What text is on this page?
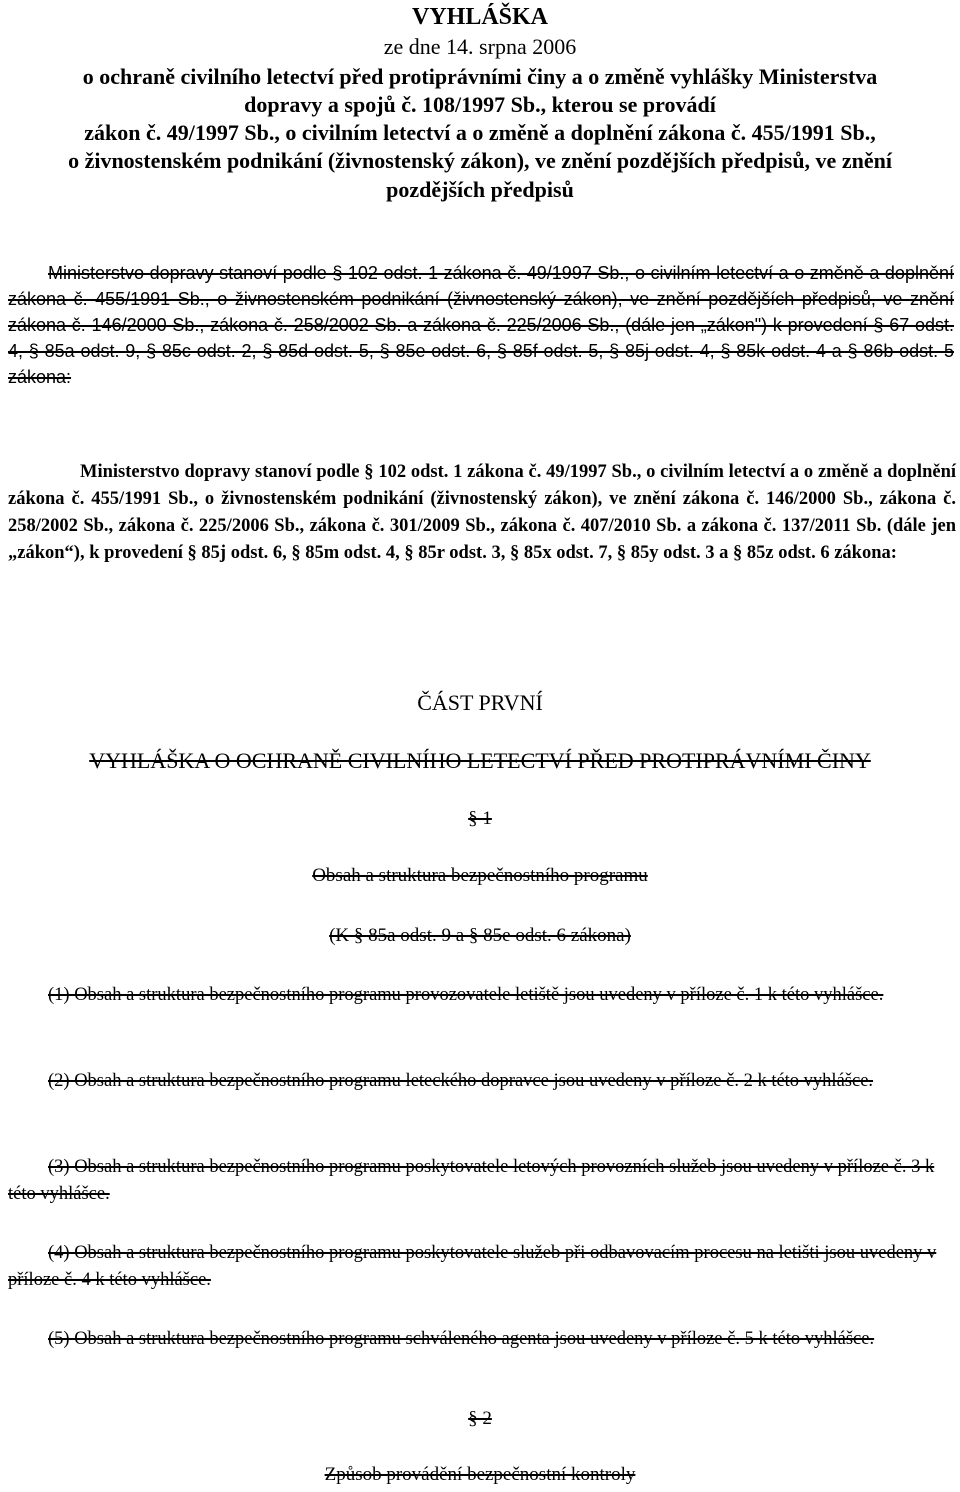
VYHLÁŠKA
ze dne 14. srpna 2006
o ochraně civilního letectví před protiprávními činy a o změně vyhlášky Ministerstva
dopravy a spojů č. 108/1997 Sb., kterou se provádí
zákon č. 49/1997 Sb., o civilním letectví a o změně a doplnění zákona č. 455/1991 Sb.,
o živnostenském podnikání (živnostenský zákon), ve znění pozdějších předpisů, ve znění
pozdějších předpisů
Ministerstvo dopravy stanoví podle § 102 odst. 1 zákona č. 49/1997 Sb., o civilním letectví a o změně a doplnění zákona č. 455/1991 Sb., o živnostenském podnikání (živnostenský zákon), ve znění pozdějších předpisů, ve znění zákona č. 146/2000 Sb., zákona č. 258/2002 Sb. a zákona č. 225/2006 Sb., (dále jen „zákon") k provedení § 67 odst. 4, § 85a odst. 9, § 85c odst. 2, § 85d odst. 5, § 85e odst. 6, § 85f odst. 5, § 85j odst. 4, § 85k odst. 4 a § 86b odst. 5 zákona:
Ministerstvo dopravy stanoví podle § 102 odst. 1 zákona č. 49/1997 Sb., o civilním letectví a o změně a doplnění zákona č. 455/1991 Sb., o živnostenském podnikání (živnostenský zákon), ve znění zákona č. 146/2000 Sb., zákona č. 258/2002 Sb., zákona č. 225/2006 Sb., zákona č. 301/2009 Sb., zákona č. 407/2010 Sb. a zákona č. 137/2011 Sb. (dále jen „zákon“), k provedení § 85j odst. 6, § 85m odst. 4, § 85r odst. 3, § 85x odst. 7, § 85y odst. 3 a § 85z odst. 6 zákona:
ČÁST PRVNÍ
VYHLÁŠKA O OCHRANĚ CIVILNÍHO LETECTVÍ PŘED PROTIPRÁVNÍMI ČINY
§ 1
Obsah a struktura bezpečnostního programu
(K § 85a odst. 9 a § 85e odst. 6 zákona)
(1) Obsah a struktura bezpečnostního programu provozovatele letiště jsou uvedeny v příloze č. 1 k této vyhlášce.
(2) Obsah a struktura bezpečnostního programu leteckého dopravce jsou uvedeny v příloze č. 2 k této vyhlášce.
(3) Obsah a struktura bezpečnostního programu poskytovatele letových provozních služeb jsou uvedeny v příloze č. 3 k této vyhlášce.
(4) Obsah a struktura bezpečnostního programu poskytovatele služeb při odbavovacím procesu na letišti jsou uvedeny v příloze č. 4 k této vyhlášce.
(5) Obsah a struktura bezpečnostního programu schváleného agenta jsou uvedeny v příloze č. 5 k této vyhlášce.
§ 2
Způsob provádění bezpečnostní kontroly
